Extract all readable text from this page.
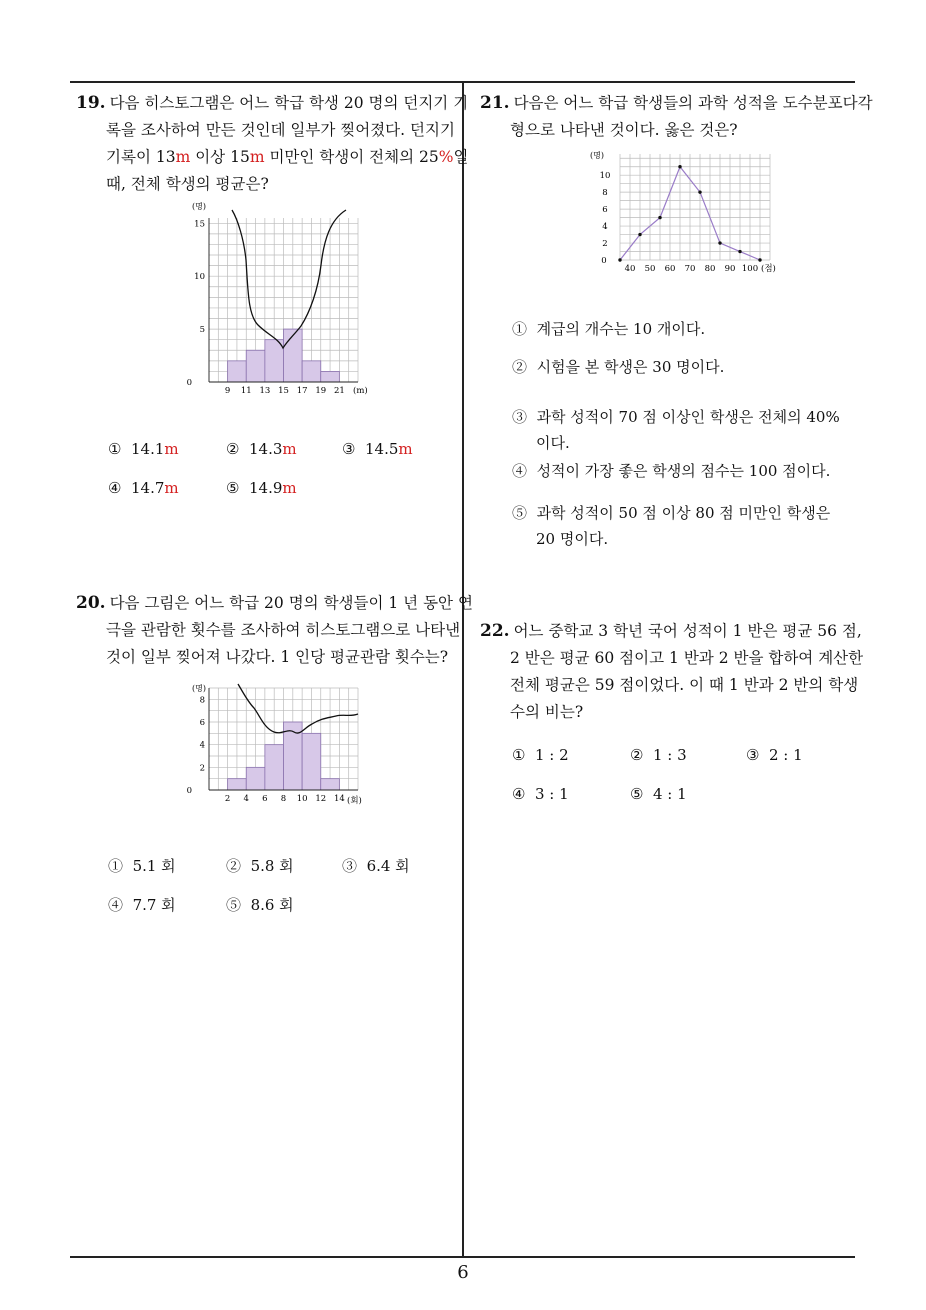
6
19. 다음 히스토그램은 어느 학급 학생 20 명의 던지기 기
록을 조사하여 만든 것인데 일부가 찢어졌다. 던지기
기록이 13m 이상 15m 미만인 학생이 전체의 25%일
때, 전체 학생의 평균은?
(명)
0
5
10
15
9 11 13 15 17 19 21 (m)
① 14.1m	② 14.3m	③ 14.5m
④ 14.7m	⑤ 14.9m
20. 다음 그림은 어느 학급 20 명의 학생들이 1 년 동안 연
극을 관람한 횟수를 조사하여 히스토그램으로 나타낸
것이 일부 찢어져 나갔다. 1 인당 평균관람 횟수는?
(명)
0
2
4
6
8
2 4 6 8 10 12 14 (회)
① 5.1 회	② 5.8 회	③ 6.4 회
④ 7.7 회	⑤ 8.6 회
21. 다음은 어느 학급 학생들의 과학 성적을 도수분포다각
형으로 나타낸 것이다. 옳은 것은?
(명)
0
2
4
6
8
10
40 50 60 70 80 90 100 (점)
① 계급의 개수는 10 개이다.
② 시험을 본 학생은 30 명이다.
③ 과학 성적이 70 점 이상인 학생은 전체의 40%
이다.
④ 성적이 가장 좋은 학생의 점수는 100 점이다.
⑤ 과학 성적이 50 점 이상 80 점 미만인 학생은
20 명이다.
22. 어느 중학교 3 학년 국어 성적이 1 반은 평균 56 점,
2 반은 평균 60 점이고 1 반과 2 반을 합하여 계산한
전체 평균은 59 점이었다. 이 때 1 반과 2 반의 학생
수의 비는?
① 1 : 2	② 1 : 3	③ 2 : 1
④ 3 : 1	⑤ 4 : 1
